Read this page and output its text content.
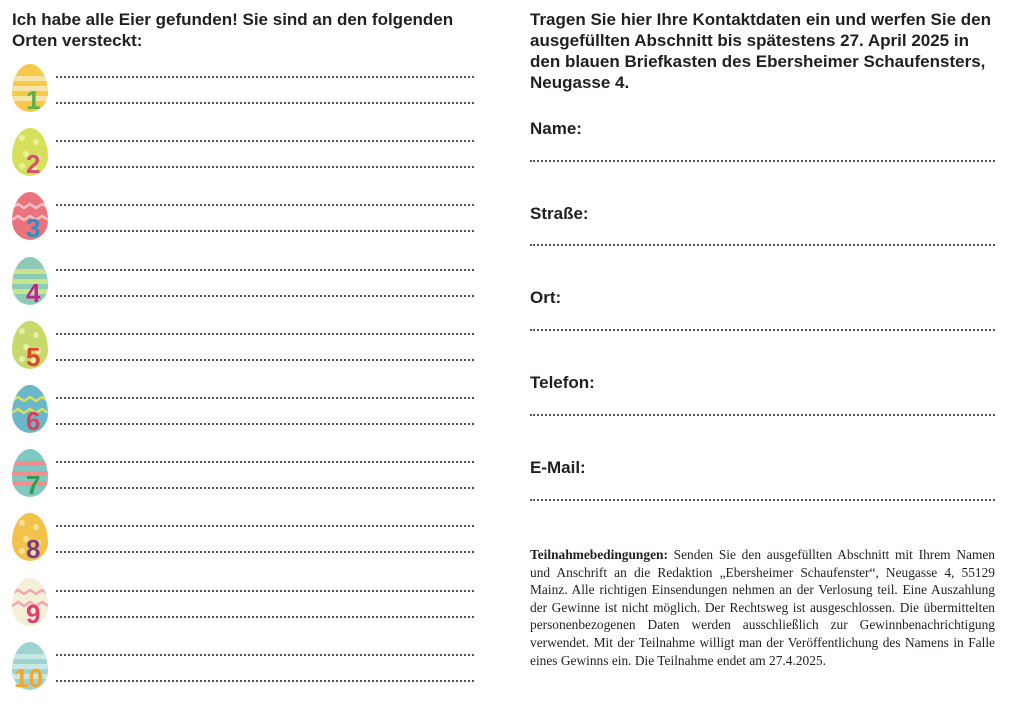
Ich habe alle Eier gefunden! Sie sind an den folgenden Orten versteckt:
1
2
3
4
5
6
7
8
9
10
Tragen Sie hier Ihre Kontaktdaten ein und werfen Sie den ausgefüllten Abschnitt bis spätestens 27. April 2025 in den blauen Briefkasten des Ebersheimer Schaufensters, Neugasse 4.
Name:
Straße:
Ort:
Telefon:
E-Mail:
Teilnahmebedingungen: Senden Sie den ausgefüllten Abschnitt mit Ihrem Namen und Anschrift an die Redaktion „Ebersheimer Schaufenster“, Neugasse 4, 55129 Mainz. Alle richtigen Einsendungen nehmen an der Verlosung teil. Eine Auszahlung der Gewinne ist nicht möglich. Der Rechtsweg ist ausgeschlossen. Die übermittelten personenbezogenen Daten werden ausschließlich zur Gewinnbenachrichtigung verwendet. Mit der Teilnahme willigt man der Veröffentlichung des Namens in Falle eines Gewinns ein. Die Teilnahme endet am 27.4.2025.
